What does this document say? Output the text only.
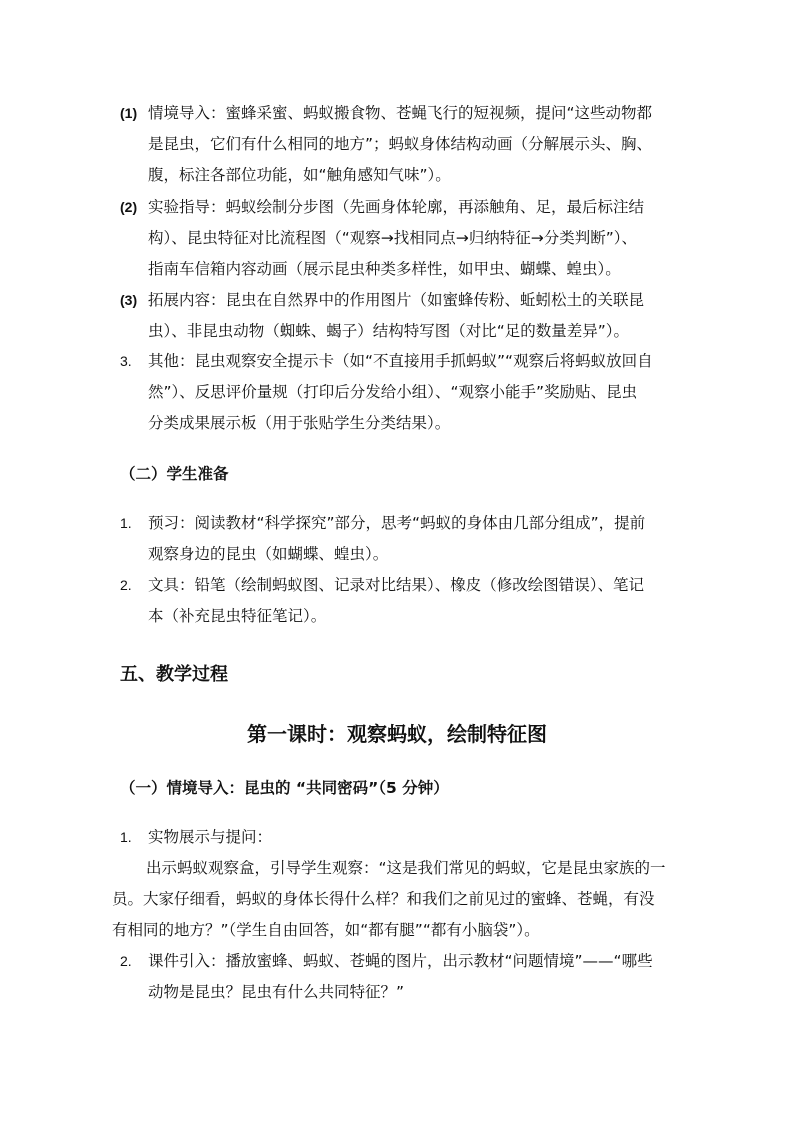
(1) 情境导入：蜜蜂采蜜、蚂蚁搬食物、苍蝇飞行的短视频，提问“这些动物都
是昆虫，它们有什么相同的地方”；蚂蚁身体结构动画（分解展示头、胸、
腹，标注各部位功能，如“触角感知气味”）。
(2) 实验指导：蚂蚁绘制分步图（先画身体轮廓，再添触角、足，最后标注结
构）、昆虫特征对比流程图（“观察→找相同点→归纳特征→分类判断”）、
指南车信箱内容动画（展示昆虫种类多样性，如甲虫、蝴蝶、蝗虫）。
(3) 拓展内容：昆虫在自然界中的作用图片（如蜜蜂传粉、蚯蚓松土的关联昆
虫）、非昆虫动物（蜘蛛、蝎子）结构特写图（对比“足的数量差异”）。
3.	其他：昆虫观察安全提示卡（如“不直接用手抓蚂蚁”“观察后将蚂蚁放回自
然”）、反思评价量规（打印后分发给小组）、“观察小能手”奖励贴、昆虫
分类成果展示板（用于张贴学生分类结果）。
（二）学生准备
1.	预习：阅读教材“科学探究”部分，思考“蚂蚁的身体由几部分组成”，提前
观察身边的昆虫（如蝴蝶、蝗虫）。
2.	文具：铅笔（绘制蚂蚁图、记录对比结果）、橡皮（修改绘图错误）、笔记
本（补充昆虫特征笔记）。
五、教学过程
第一课时：观察蚂蚁，绘制特征图
（一）情境导入：昆虫的 “共同密码”（5 分钟）
1.	实物展示与提问：
出示蚂蚁观察盒，引导学生观察：“这是我们常见的蚂蚁，它是昆虫家族的一
员。大家仔细看，蚂蚁的身体长得什么样？和我们之前见过的蜜蜂、苍蝇，有没
有相同的地方？”（学生自由回答，如“都有腿”“都有小脑袋”）。
2.	课件引入：播放蜜蜂、蚂蚁、苍蝇的图片，出示教材“问题情境”——“哪些
动物是昆虫？昆虫有什么共同特征？”
